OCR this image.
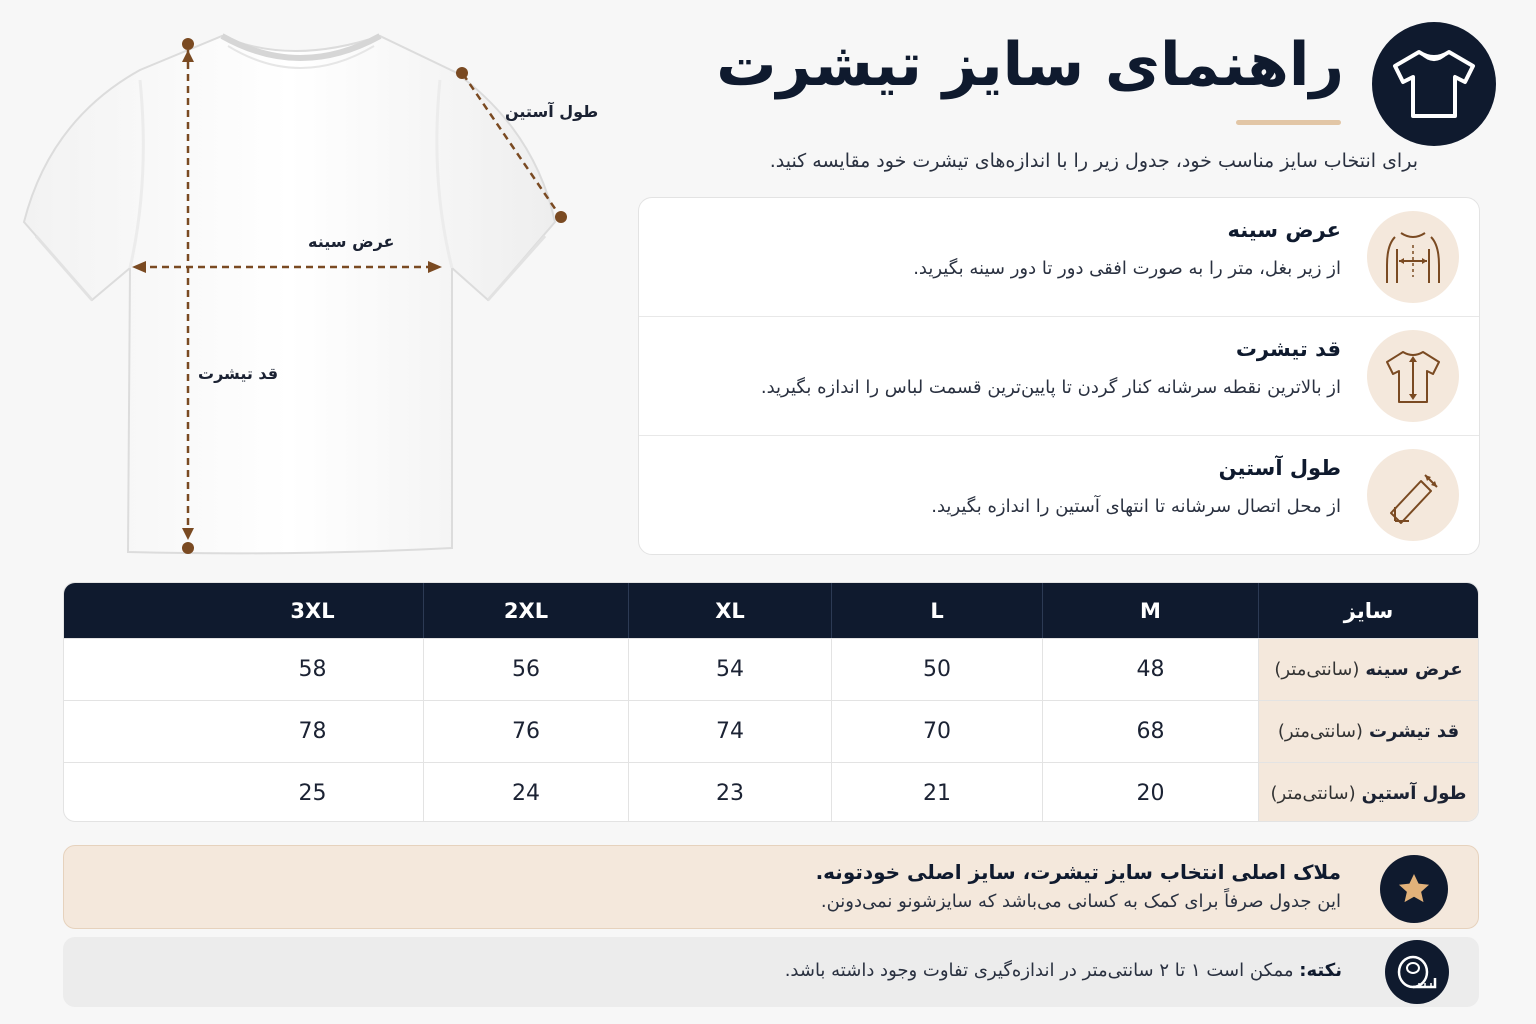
طول آستین
عرض سینه
قد تیشرت
راهنمای سایز تیشرت
برای انتخاب سایز مناسب خود، جدول زیر را با اندازه‌های تیشرت خود مقایسه کنید.
عرض سینه
از زیر بغل، متر را به صورت افقی دور تا دور سینه بگیرید.
قد تیشرت
از بالاترین نقطه سرشانه کنار گردن تا پایین‌ترین قسمت لباس را اندازه بگیرید.
طول آستین
از محل اتصال سرشانه تا انتهای آستین را اندازه بگیرید.
سایز
M
L
XL
2XL
3XL
عرض سینه
(سانتی‌متر)
48
50
54
56
58
قد تیشرت
(سانتی‌متر)
68
70
74
76
78
طول آستین
(سانتی‌متر)
20
21
23
24
25
ملاک اصلی انتخاب سایز تیشرت، سایز اصلی خودتونه.
این جدول صرفاً برای کمک به کسانی می‌باشد که سایزشونو نمی‌دونن.
نکته: ممکن است ۱ تا ۲ سانتی‌متر در اندازه‌گیری تفاوت وجود داشته باشد.
